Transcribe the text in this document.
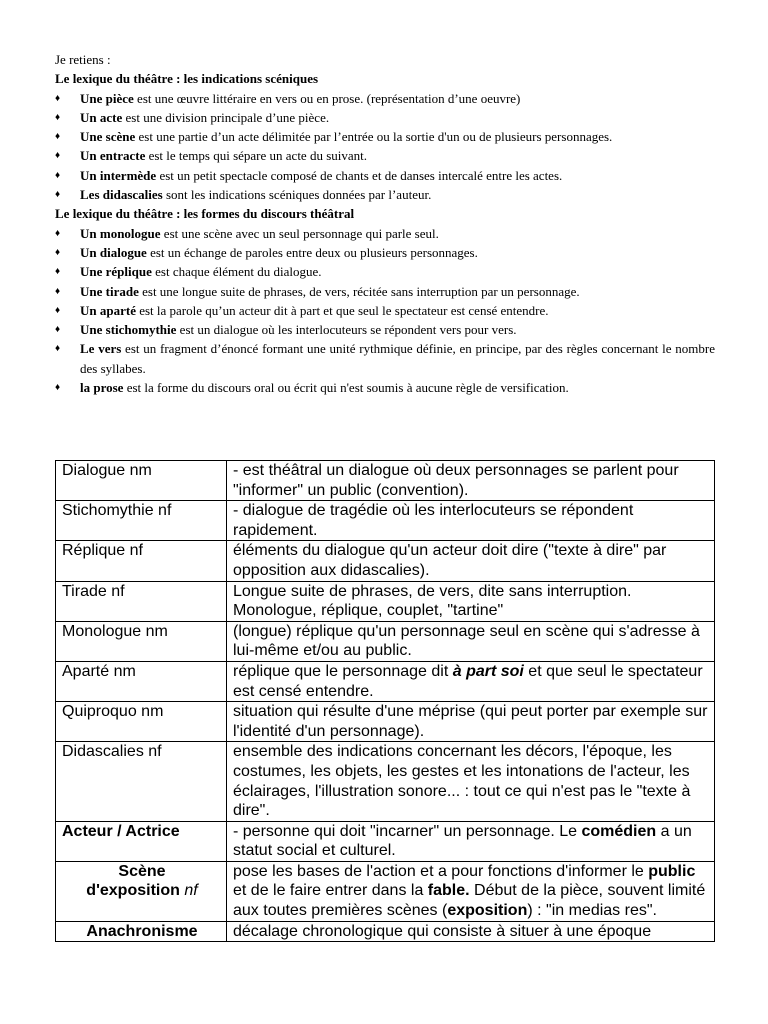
Je retiens :

Le lexique du théâtre : les indications scéniques

♦ Une pièce est une œuvre littéraire en vers ou en prose. (représentation d’une oeuvre)
♦ Un acte est une division principale d’une pièce.
♦ Une scène est une partie d’un acte délimitée par l’entrée ou la sortie d'un ou de plusieurs personnages.
♦ Un entracte est le temps qui sépare un acte du suivant.
♦ Un intermède est un petit spectacle composé de chants et de danses intercalé entre les actes.
♦ Les didascalies sont les indications scéniques données par l’auteur.

Le lexique du théâtre : les formes du discours théâtral

♦ Un monologue est une scène avec un seul personnage qui parle seul.
♦ Un dialogue est un échange de paroles entre deux ou plusieurs personnages.
♦ Une réplique est chaque élément du dialogue.
♦ Une tirade est une longue suite de phrases, de vers, récitée sans interruption par un personnage.
♦ Un aparté est la parole qu’un acteur dit à part et que seul le spectateur est censé entendre.
♦ Une stichomythie est un dialogue où les interlocuteurs se répondent vers pour vers.
♦ Le vers est un fragment d’énoncé formant une unité rythmique définie, en principe, par des règles concernant le nombre des syllabes.
♦ la prose est la forme du discours oral ou écrit qui n'est soumis à aucune règle de versification.
Dialogue nm	- est théâtral un dialogue où deux personnages se parlent pour "informer" un public (convention).
Stichomythie nf	- dialogue de tragédie où les interlocuteurs se répondent rapidement.
Réplique nf	éléments du dialogue qu'un acteur doit dire ("texte à dire" par opposition aux didascalies).
Tirade nf	Longue suite de phrases, de vers, dite sans interruption. Monologue, réplique, couplet, "tartine"
Monologue nm	(longue) réplique qu'un personnage seul en scène qui s'adresse à lui-même et/ou au public.
Aparté nm	réplique que le personnage dit à part soi et que seul le spectateur est censé entendre.
Quiproquo nm	situation qui résulte d'une méprise (qui peut porter par exemple sur l'identité d'un personnage).
Didascalies nf	ensemble des indications concernant les décors, l'époque, les costumes, les objets, les gestes et les intonations de l'acteur, les éclairages, l'illustration sonore... : tout ce qui n'est pas le "texte à dire".
Acteur / Actrice	- personne qui doit "incarner" un personnage. Le comédien a un statut social et culturel.
Scène
d'exposition nf	pose les bases de l'action et a pour fonctions d'informer le public et de le faire entrer dans la fable. Début de la pièce, souvent limité aux toutes premières scènes (exposition) : "in medias res".
Anachronisme	décalage chronologique qui consiste à situer à une époque
